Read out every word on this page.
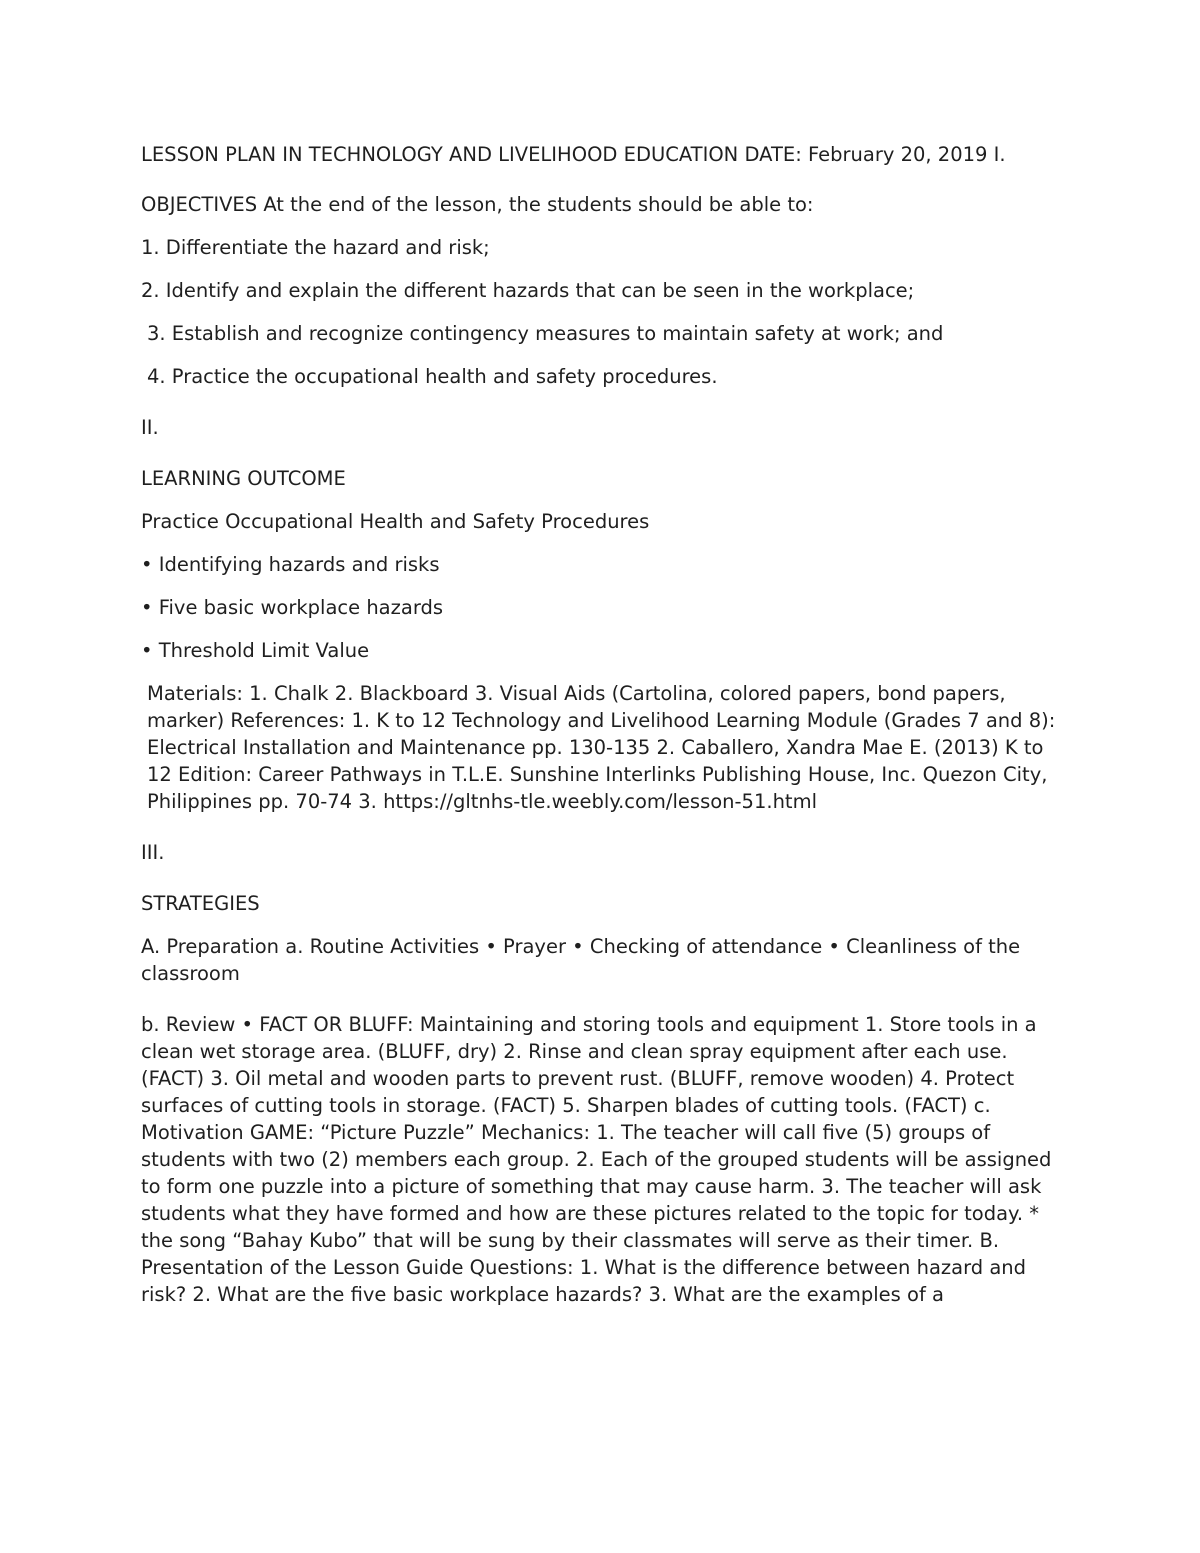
LESSON PLAN IN TECHNOLOGY AND LIVELIHOOD EDUCATION DATE: February 20, 2019 I.

OBJECTIVES At the end of the lesson, the students should be able to:

1. Differentiate the hazard and risk;

2. Identify and explain the different hazards that can be seen in the workplace;

3. Establish and recognize contingency measures to maintain safety at work; and

4. Practice the occupational health and safety procedures.

II.

LEARNING OUTCOME

Practice Occupational Health and Safety Procedures

• Identifying hazards and risks

• Five basic workplace hazards

• Threshold Limit Value

Materials: 1. Chalk 2. Blackboard 3. Visual Aids (Cartolina, colored papers, bond papers, marker) References: 1. K to 12 Technology and Livelihood Learning Module (Grades 7 and 8): Electrical Installation and Maintenance pp. 130-135 2. Caballero, Xandra Mae E. (2013) K to 12 Edition: Career Pathways in T.L.E. Sunshine Interlinks Publishing House, Inc. Quezon City, Philippines pp. 70-74 3. https://gltnhs-tle.weebly.com/lesson-51.html

III.

STRATEGIES

A. Preparation a. Routine Activities • Prayer • Checking of attendance • Cleanliness of the classroom

b. Review • FACT OR BLUFF: Maintaining and storing tools and equipment 1. Store tools in a clean wet storage area. (BLUFF, dry) 2. Rinse and clean spray equipment after each use. (FACT) 3. Oil metal and wooden parts to prevent rust. (BLUFF, remove wooden) 4. Protect surfaces of cutting tools in storage. (FACT) 5. Sharpen blades of cutting tools. (FACT) c. Motivation GAME: “Picture Puzzle” Mechanics: 1. The teacher will call five (5) groups of students with two (2) members each group. 2. Each of the grouped students will be assigned to form one puzzle into a picture of something that may cause harm. 3. The teacher will ask students what they have formed and how are these pictures related to the topic for today. * the song “Bahay Kubo” that will be sung by their classmates will serve as their timer. B. Presentation of the Lesson Guide Questions: 1. What is the difference between hazard and risk? 2. What are the five basic workplace hazards? 3. What are the examples of a
